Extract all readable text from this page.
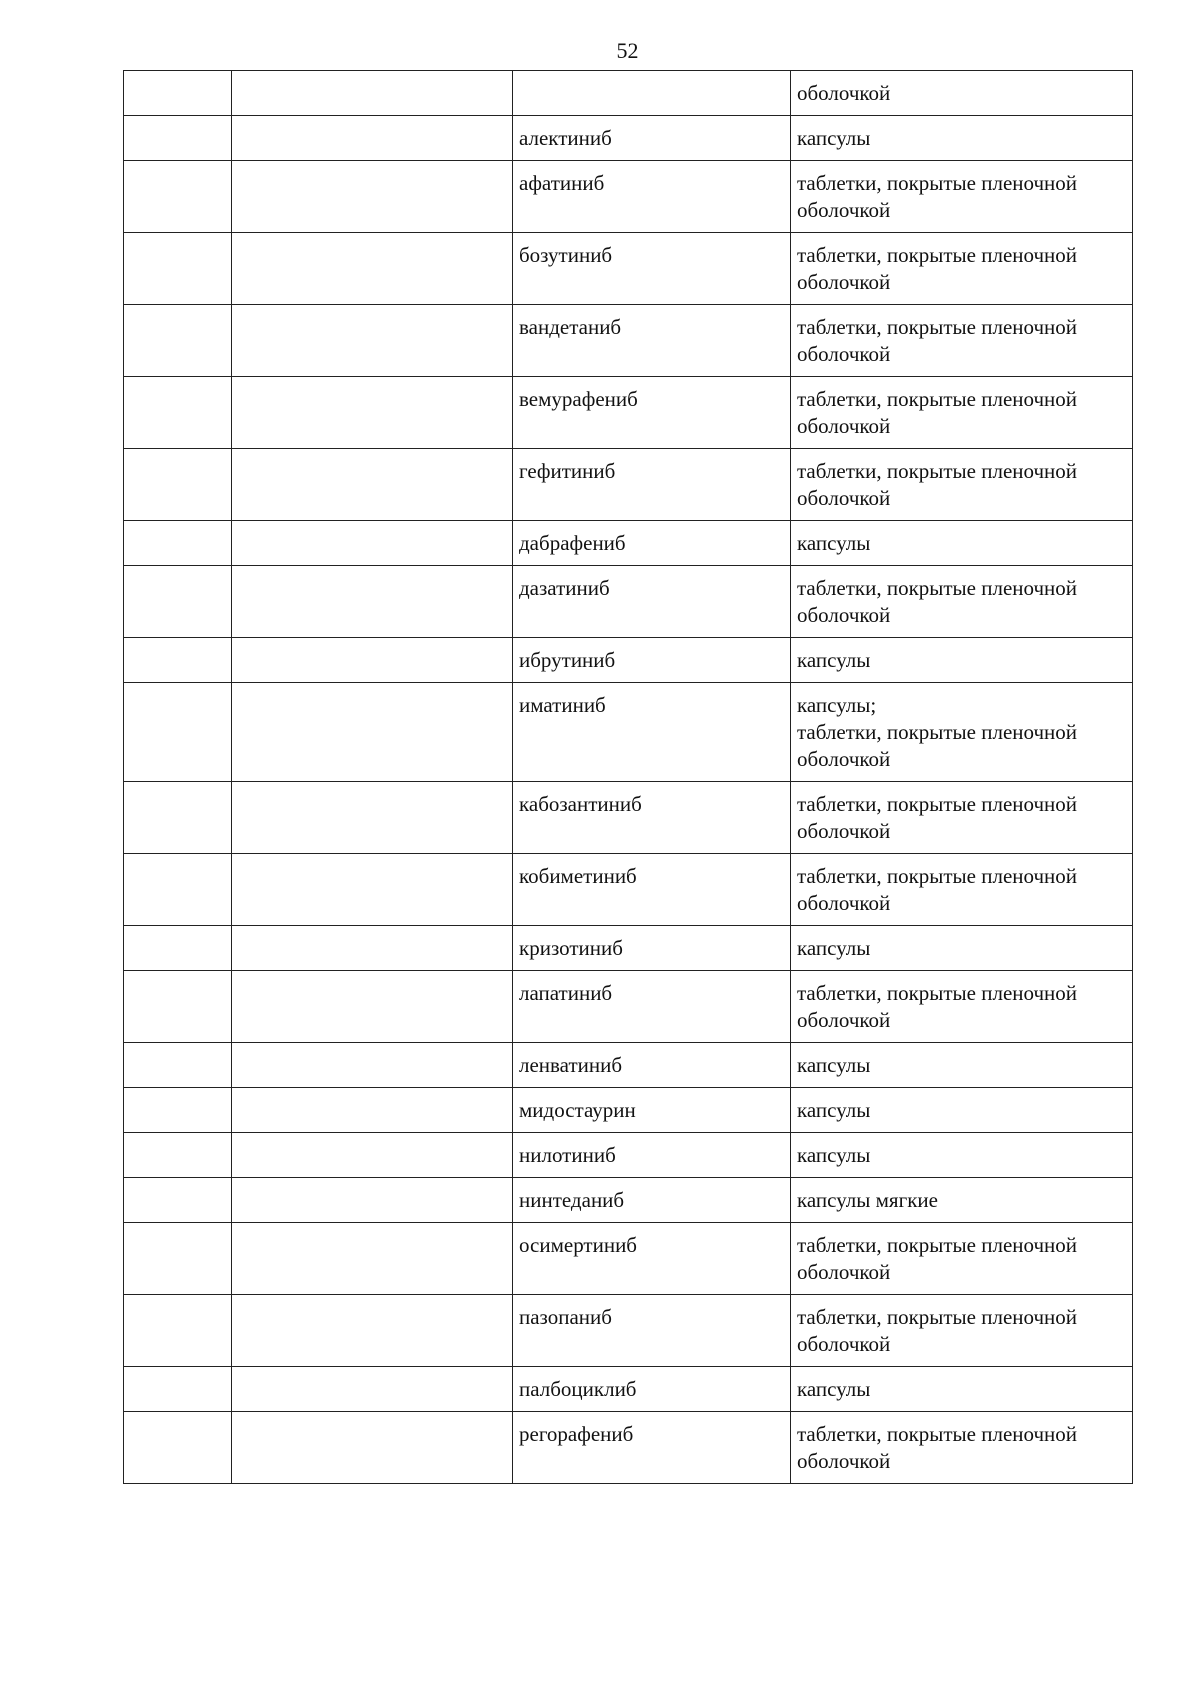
52

			оболочкой

		алектиниб	капсулы

		афатиниб	таблетки, покрытые пленочной
оболочкой

		бозутиниб	таблетки, покрытые пленочной
оболочкой

		вандетаниб	таблетки, покрытые пленочной
оболочкой

		вемурафениб	таблетки, покрытые пленочной
оболочкой

		гефитиниб	таблетки, покрытые пленочной
оболочкой

		дабрафениб	капсулы

		дазатиниб	таблетки, покрытые пленочной
оболочкой

		ибрутиниб	капсулы

		иматиниб	капсулы;
таблетки, покрытые пленочной
оболочкой

		кабозантиниб	таблетки, покрытые пленочной
оболочкой

		кобиметиниб	таблетки, покрытые пленочной
оболочкой

		кризотиниб	капсулы

		лапатиниб	таблетки, покрытые пленочной
оболочкой

		ленватиниб	капсулы

		мидостаурин	капсулы

		нилотиниб	капсулы

		нинтеданиб	капсулы мягкие

		осимертиниб	таблетки, покрытые пленочной
оболочкой

		пазопаниб	таблетки, покрытые пленочной
оболочкой

		палбоциклиб	капсулы

		регорафениб	таблетки, покрытые пленочной
оболочкой
